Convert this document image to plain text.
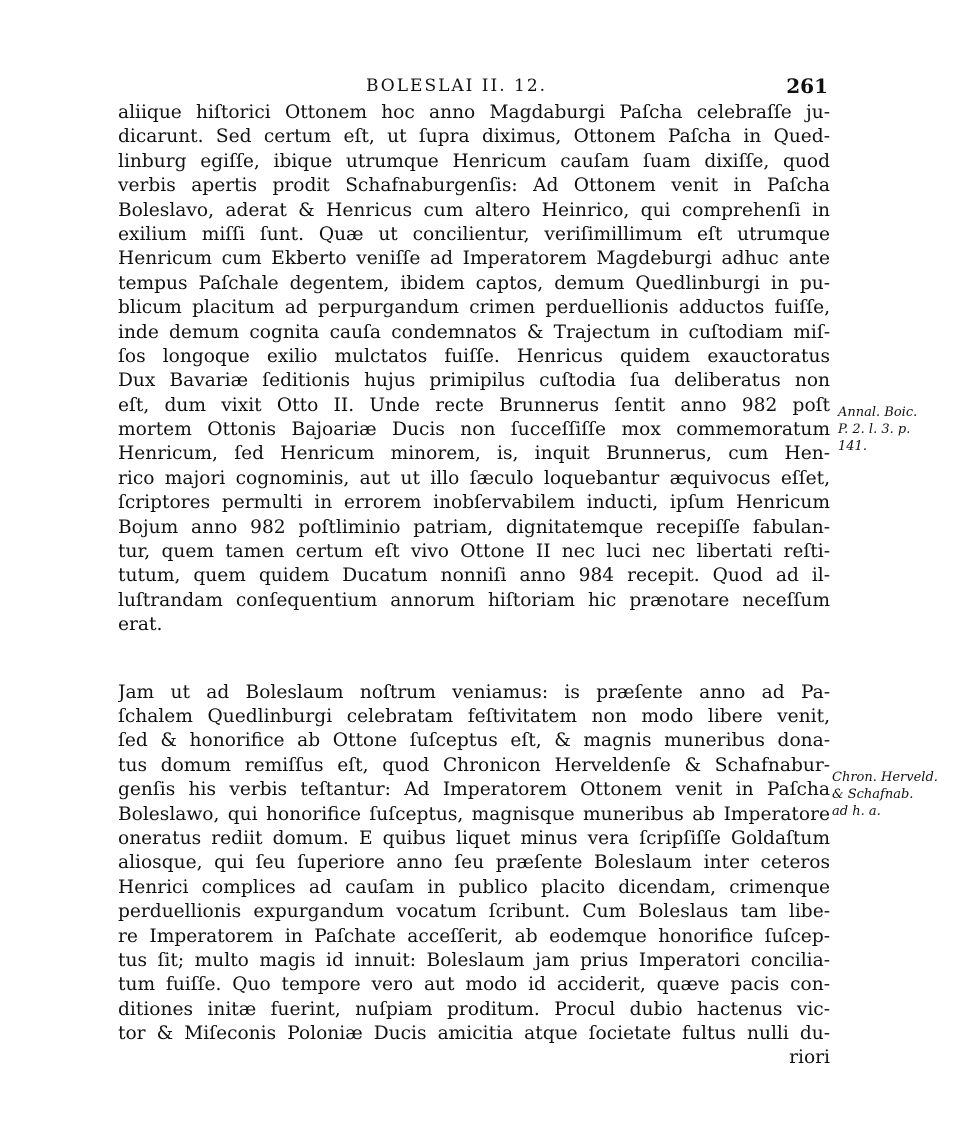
BOLESLAI II. 12.	261

aliique hiſtorici Ottonem hoc anno Magdaburgi Paſcha celebraſſe ju-

dicarunt. Sed certum eſt, ut ſupra diximus, Ottonem Paſcha in Qued-

linburg egiſſe, ibique utrumque Henricum cauſam ſuam dixiſſe, quod

verbis apertis prodit Schafnaburgenſis: Ad Ottonem venit in Paſcha

Boleslavo, aderat & Henricus cum altero Heinrico, qui comprehenſi in

exilium miſſi ſunt. Quæ ut concilientur, veriſimillimum eſt utrumque

Henricum cum Ekberto veniſſe ad Imperatorem Magdeburgi adhuc ante

tempus Paſchale degentem, ibidem captos, demum Quedlinburgi in pu-

blicum placitum ad perpurgandum crimen perduellionis adductos fuiſſe,

inde demum cognita cauſa condemnatos & Trajectum in cuſtodiam miſ-

ſos longoque exilio mulctatos fuiſſe. Henricus quidem exauctoratus

Dux Bavariæ ſeditionis hujus primipilus cuſtodia ſua deliberatus non

eſt, dum vixit Otto II. Unde recte Brunnerus ſentit anno 982 poſt

mortem Ottonis Bajoariæ Ducis non ſucceſſiſſe mox commemoratum

Henricum, ſed Henricum minorem, is, inquit Brunnerus, cum Hen-

rico majori cognominis, aut ut illo ſæculo loquebantur æquivocus eſſet,

ſcriptores permulti in errorem inobſervabilem inducti, ipſum Henricum

Bojum anno 982 poſtliminio patriam, dignitatemque recepiſſe fabulan-

tur, quem tamen certum eſt vivo Ottone II nec luci nec libertati reſti-

tutum, quem quidem Ducatum nonniſi anno 984 recepit. Quod ad il-

luſtrandam conſequentium annorum hiſtoriam hic prænotare neceſſum

erat.

Jam ut ad Boleslaum noſtrum veniamus: is præſente anno ad Pa-

ſchalem Quedlinburgi celebratam feſtivitatem non modo libere venit,

ſed & honorifice ab Ottone ſuſceptus eſt, & magnis muneribus dona-

tus domum remiſſus eſt, quod Chronicon Herveldenſe & Schafnabur-

genſis his verbis teſtantur: Ad Imperatorem Ottonem venit in Paſcha

Boleslawo, qui honorifice ſuſceptus, magnisque muneribus ab Imperatore

oneratus rediit domum. E quibus liquet minus vera ſcripſiſſe Goldaſtum

aliosque, qui ſeu ſuperiore anno ſeu præſente Boleslaum inter ceteros

Henrici complices ad cauſam in publico placito dicendam, crimenque

perduellionis expurgandum vocatum ſcribunt. Cum Boleslaus tam libe-

re Imperatorem in Paſchate acceſſerit, ab eodemque honorifice ſuſcep-

tus ſit; multo magis id innuit: Boleslaum jam prius Imperatori concilia-

tum fuiſſe. Quo tempore vero aut modo id acciderit, quæve pacis con-

ditiones initæ fuerint, nuſpiam proditum. Procul dubio hactenus vic-

tor & Miſeconis Poloniæ Ducis amicitia atque ſocietate fultus nulli du-

riori

Annal. Boic.
P. 2. l. 3. p.
141.
Chron. Herveld.
& Schafnab.
ad h. a.
